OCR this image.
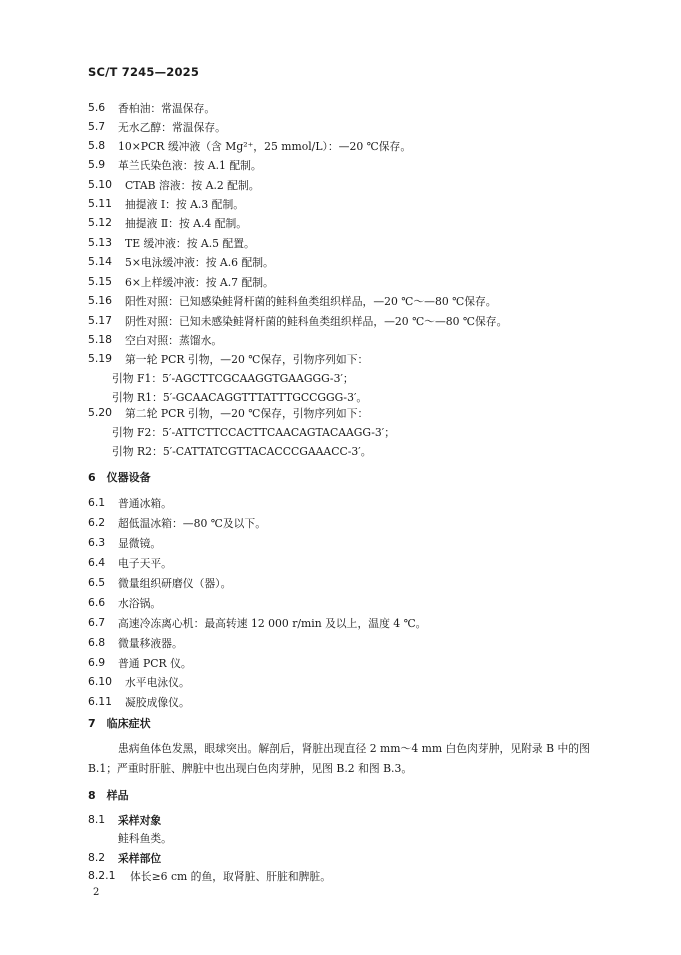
SC/T 7245—2025
5.6 香柏油：常温保存。
5.7 无水乙醇：常温保存。
5.8 10×PCR 缓冲液（含 Mg²⁺，25 mmol/L）：—20 ℃保存。
5.9 革兰氏染色液：按 A.1 配制。
5.10 CTAB 溶液：按 A.2 配制。
5.11 抽提液 Ⅰ：按 A.3 配制。
5.12 抽提液 Ⅱ：按 A.4 配制。
5.13 TE 缓冲液：按 A.5 配置。
5.14 5×电泳缓冲液：按 A.6 配制。
5.15 6×上样缓冲液：按 A.7 配制。
5.16 阳性对照：已知感染鲑肾杆菌的鲑科鱼类组织样品，—20 ℃～—80 ℃保存。
5.17 阴性对照：已知未感染鲑肾杆菌的鲑科鱼类组织样品，—20 ℃～—80 ℃保存。
5.18 空白对照：蒸馏水。
5.19 第一轮 PCR 引物，—20 ℃保存，引物序列如下：
引物 F1：5′-AGCTTCGCAAGGTGAAGGG-3′；
引物 R1：5′-GCAACAGGTTTATTTGCCGGG-3′。
5.20 第二轮 PCR 引物，—20 ℃保存，引物序列如下：
引物 F2：5′-ATTCTTCCACTTCAACAGTACAAGG-3′；
引物 R2：5′-CATTATCGTTACACCCGAAACC-3′。
6　仪器设备
6.1 普通冰箱。
6.2 超低温冰箱：—80 ℃及以下。
6.3 显微镜。
6.4 电子天平。
6.5 微量组织研磨仪（器）。
6.6 水浴锅。
6.7 高速冷冻离心机：最高转速 12 000 r/min 及以上，温度 4 ℃。
6.8 微量移液器。
6.9 普通 PCR 仪。
6.10 水平电泳仪。
6.11 凝胶成像仪。
7　临床症状
患病鱼体色发黑，眼球突出。解剖后，肾脏出现直径 2 mm～4 mm 白色肉芽肿，见附录 B 中的图
B.1；严重时肝脏、脾脏中也出现白色肉芽肿，见图 B.2 和图 B.3。
8　样品
8.1 采样对象
鲑科鱼类。
8.2 采样部位
8.2.1 体长≥6 cm 的鱼，取肾脏、肝脏和脾脏。
2
